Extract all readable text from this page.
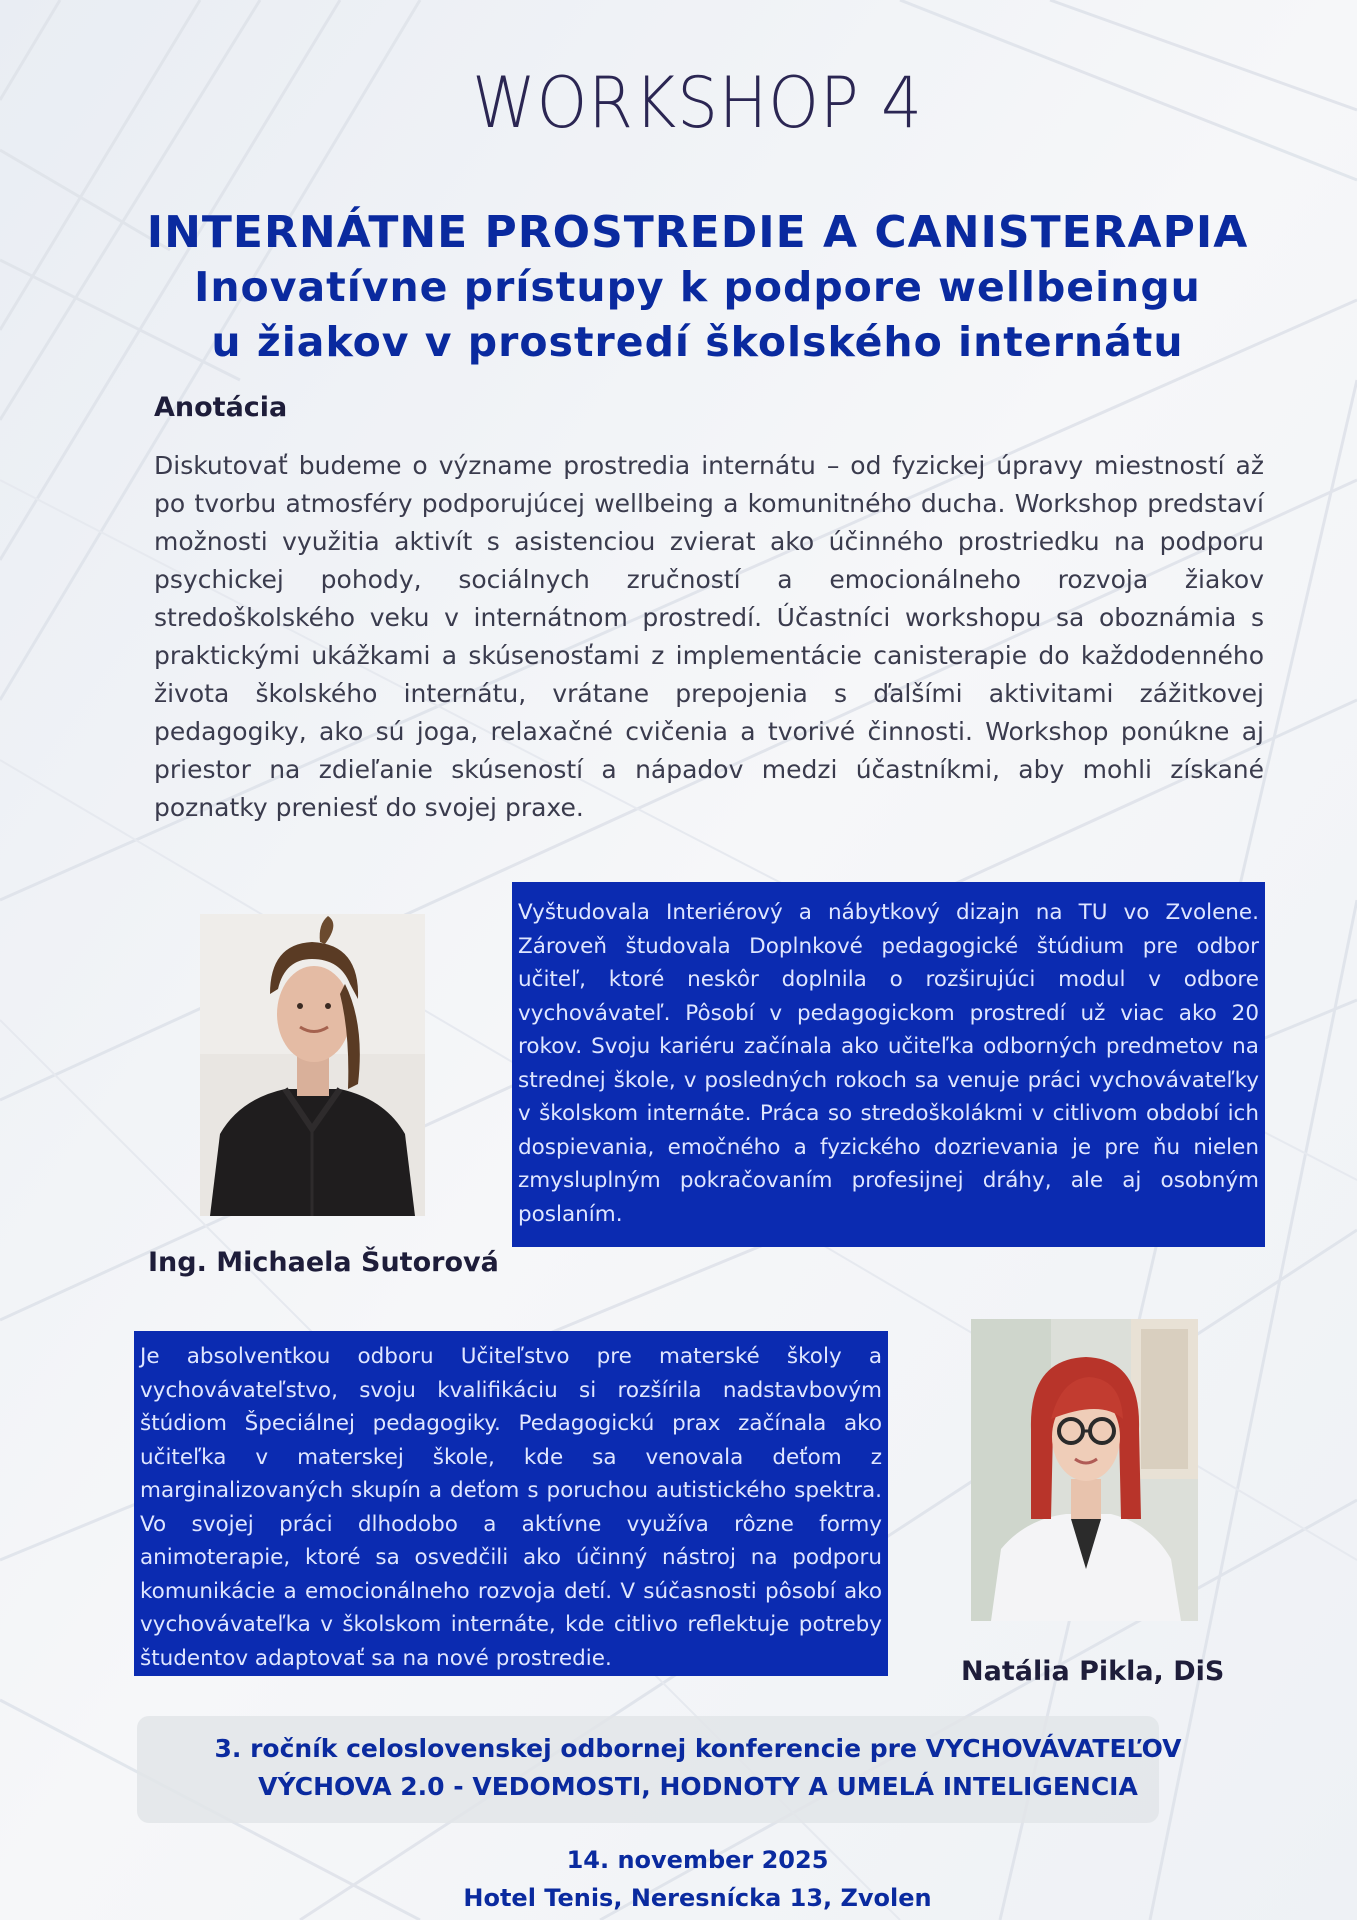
WORKSHOP 4
INTERNÁTNE PROSTREDIE A CANISTERAPIA
Inovatívne prístupy k podpore wellbeingu
u žiakov v prostredí školského internátu
Anotácia

Diskutovať budeme o význame prostredia internátu – od fyzickej úpravy miestností až po tvorbu atmosféry podporujúcej wellbeing a komunitného ducha. Workshop predstaví možnosti využitia aktivít s asistenciou zvierat ako účinného prostriedku na podporu psychickej pohody, sociálnych zručností a emocionálneho rozvoja žiakov stredoškolského veku v internátnom prostredí. Účastníci workshopu sa oboznámia s praktickými ukážkami a skúsenosťami z implementácie canisterapie do každodenného života školského internátu, vrátane prepojenia s ďalšími aktivitami zážitkovej pedagogiky, ako sú joga, relaxačné cvičenia a tvorivé činnosti. Workshop ponúkne aj priestor na zdieľanie skúseností a nápadov medzi účastníkmi, aby mohli získané poznatky preniesť do svojej praxe.

Vyštudovala Interiérový a nábytkový dizajn na TU vo Zvolene. Zároveň študovala Doplnkové pedagogické štúdium pre odbor učiteľ, ktoré neskôr doplnila o rozširujúci modul v odbore vychovávateľ. Pôsobí v pedagogickom prostredí už viac ako 20 rokov. Svoju kariéru začínala ako učiteľka odborných predmetov na strednej škole, v posledných rokoch sa venuje práci vychovávateľky v školskom internáte. Práca so stredoškolákmi v citlivom období ich dospievania, emočného a fyzického dozrievania je pre ňu nielen zmysluplným pokračovaním profesijnej dráhy, ale aj osobným poslaním.

Ing. Michaela Šutorová

Je absolventkou odboru Učiteľstvo pre materské školy a vychovávateľstvo, svoju kvalifikáciu si rozšírila nadstavbovým štúdiom Špeciálnej pedagogiky. Pedagogickú prax začínala ako učiteľka v materskej škole, kde sa venovala deťom z marginalizovaných skupín a deťom s poruchou autistického spektra. Vo svojej práci dlhodobo a aktívne využíva rôzne formy animoterapie, ktoré sa osvedčili ako účinný nástroj na podporu komunikácie a emocionálneho rozvoja detí. V súčasnosti pôsobí ako vychovávateľka v školskom internáte, kde citlivo reflektuje potreby študentov adaptovať sa na nové prostredie.	Natália Pikla, DiS

3. ročník celoslovenskej odbornej konferencie pre VYCHOVÁVATEĽOV

VÝCHOVA 2.0 - VEDOMOSTI, HODNOTY A UMELÁ INTELIGENCIA

14. november 2025

Hotel Tenis, Neresnícka 13, Zvolen
